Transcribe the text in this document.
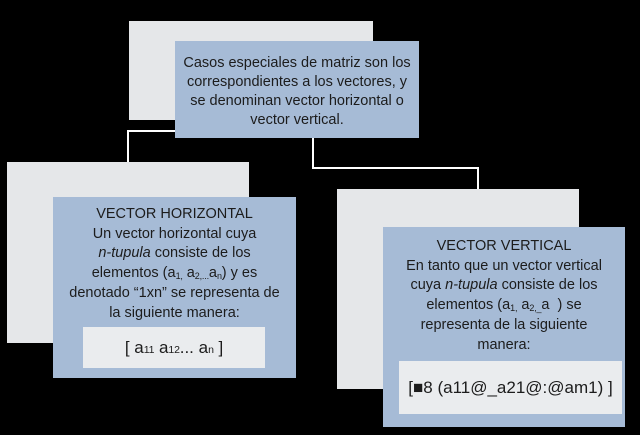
Casos especiales de matriz son los
correspondientes a los vectores, y
se denominan vector horizontal o
vector vertical.
VECTOR HORIZONTAL
Un vector horizontal cuya
n-tupula consiste de los
elementos (a1, a2,...an) y es
denotado “1xn” se representa de
la siguiente manera:
[ a 11 a 12 ... a n ]
VECTOR VERTICAL
En tanto que un vector vertical
cuya n-tupula consiste de los
elementos (a1, a2,_a  ) se
representa de la siguiente
manera:
[■8 (a11@_a21@:@am1) ]
